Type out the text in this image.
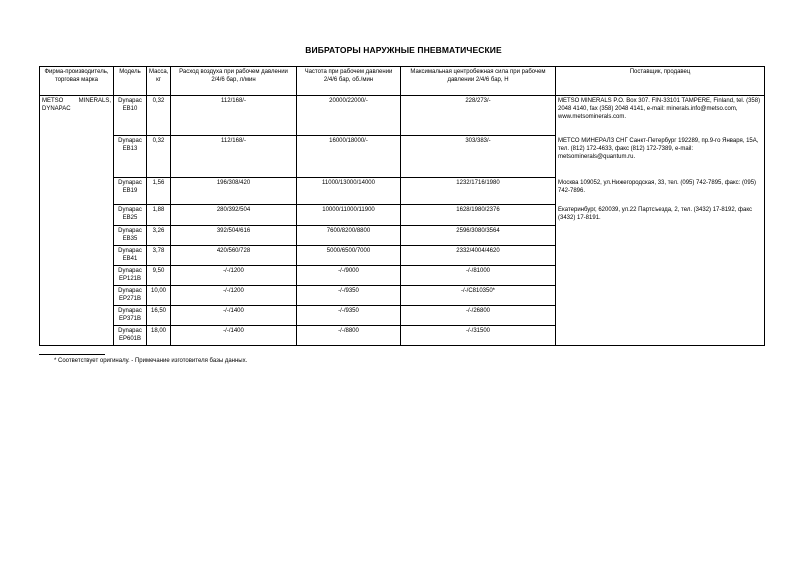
ВИБРАТОРЫ НАРУЖНЫЕ ПНЕВМАТИЧЕСКИЕ
Фирма-производитель, торговая марка	Модель	Масса, кг	Расход воздуха при рабочем давлении 2/4/6 бар, л/мин	Частота при рабочем давлении 2/4/6 бар, об./мин	Максимальная центробежная сила при рабочем давлении 2/4/6 бар, Н	Поставщик, продавец
METSO MINERALS, DYNAPAC	Dynapac EB10	0,32	112/168/-	20000/22000/-	228/273/-	METSO MINERALS P.O. Box 307. FIN-33101 TAMPERE, Finland, tel. (358) 2048 4140, fax (358) 2048 4141, e-mail: minerals.info@metso.com, www.metsominerals.com.
	Dynapac EB13	0,32	112/168/-	16000/18000/-	303/383/-	МЕТСО МИНЕРАЛЗ СНГ Санкт-Петербург 192289, пр.9-го Января, 15А, тел. (812) 172-4633, факс (812) 172-7389, e-mail: metsominerals@quantum.ru.
	Dynapac EB19	1,56	196/308/420	11000/13000/14000	1232/1716/1980	Москва 109052, ул.Нижегородская, 33, тел. (095) 742-7895, факс: (095) 742-7896.
	Dynapac EB25	1,88	280/392/504	10000/11000/11900	1628/1980/2376	Екатеринбург, 620039, ул.22 Партсъезда, 2, тел. (3432) 17-8192, факс (3432) 17-8191.
	Dynapac EB35	3,26	392/504/616	7600/8200/8800	2596/3080/3564	
	Dynapac EB41	3,78	420/560/728	5000/6500/7000	2332/4004/4620	
	Dynapac EP121B	9,50	-/-/1200	-/-/9000	-/-/81000	
	Dynapac EP271B	10,00	-/-/1200	-/-/9350	-/-/C810350*	
	Dynapac EP371B	16,50	-/-/1400	-/-/9350	-/-/26800	
	Dynapac EP601B	18,00	-/-/1400	-/-/8800	-/-/31500	
* Соответствует оригиналу. - Примечание изготовителя базы данных.
